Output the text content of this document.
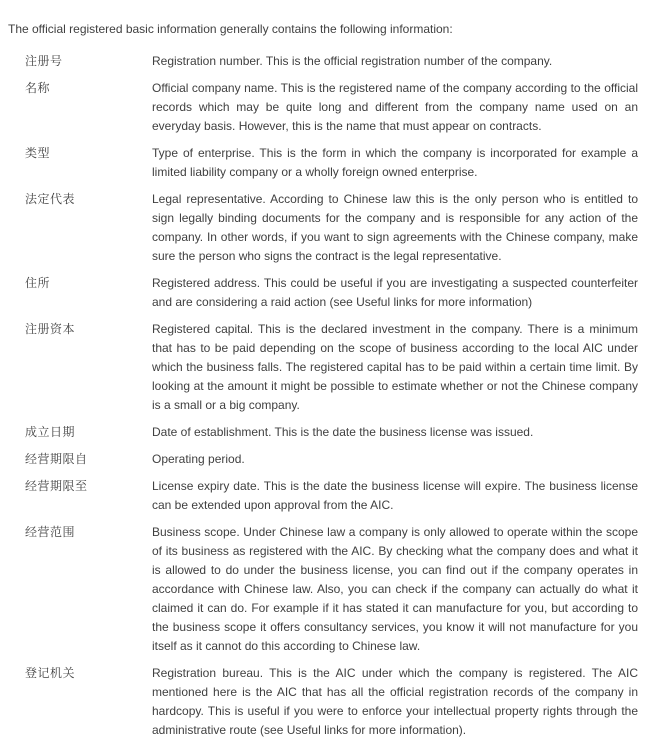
The official registered basic information generally contains the following information:

注册号	Registration number. This is the official registration number of the company.
名称	Official company name. This is the registered name of the company according to the official records which may be quite long and different from the company name used on an everyday basis. However, this is the name that must appear on contracts.
类型	Type of enterprise. This is the form in which the company is incorporated for example a limited liability company or a wholly foreign owned enterprise.
法定代表	Legal representative. According to Chinese law this is the only person who is entitled to sign legally binding documents for the company and is responsible for any action of the company. In other words, if you want to sign agreements with the Chinese company, make sure the person who signs the contract is the legal representative.
住所	Registered address. This could be useful if you are investigating a suspected counterfeiter and are considering a raid action (see Useful links for more information)
注册资本	Registered capital. This is the declared investment in the company. There is a minimum that has to be paid depending on the scope of business according to the local AIC under which the business falls. The registered capital has to be paid within a certain time limit. By looking at the amount it might be possible to estimate whether or not the Chinese company is a small or a big company.
成立日期	Date of establishment. This is the date the business license was issued.
经营期限自	Operating period.
经营期限至	License expiry date. This is the date the business license will expire. The business license can be extended upon approval from the AIC.
经营范围	Business scope. Under Chinese law a company is only allowed to operate within the scope of its business as registered with the AIC. By checking what the company does and what it is allowed to do under the business license, you can find out if the company operates in accordance with Chinese law. Also, you can check if the company can actually do what it claimed it can do. For example if it has stated it can manufacture for you, but according to the business scope it offers consultancy services, you know it will not manufacture for you itself as it cannot do this according to Chinese law.
登记机关	Registration bureau. This is the AIC under which the company is registered. The AIC mentioned here is the AIC that has all the official registration records of the company in hardcopy. This is useful if you were to enforce your intellectual property rights through the administrative route (see Useful links for more information).
